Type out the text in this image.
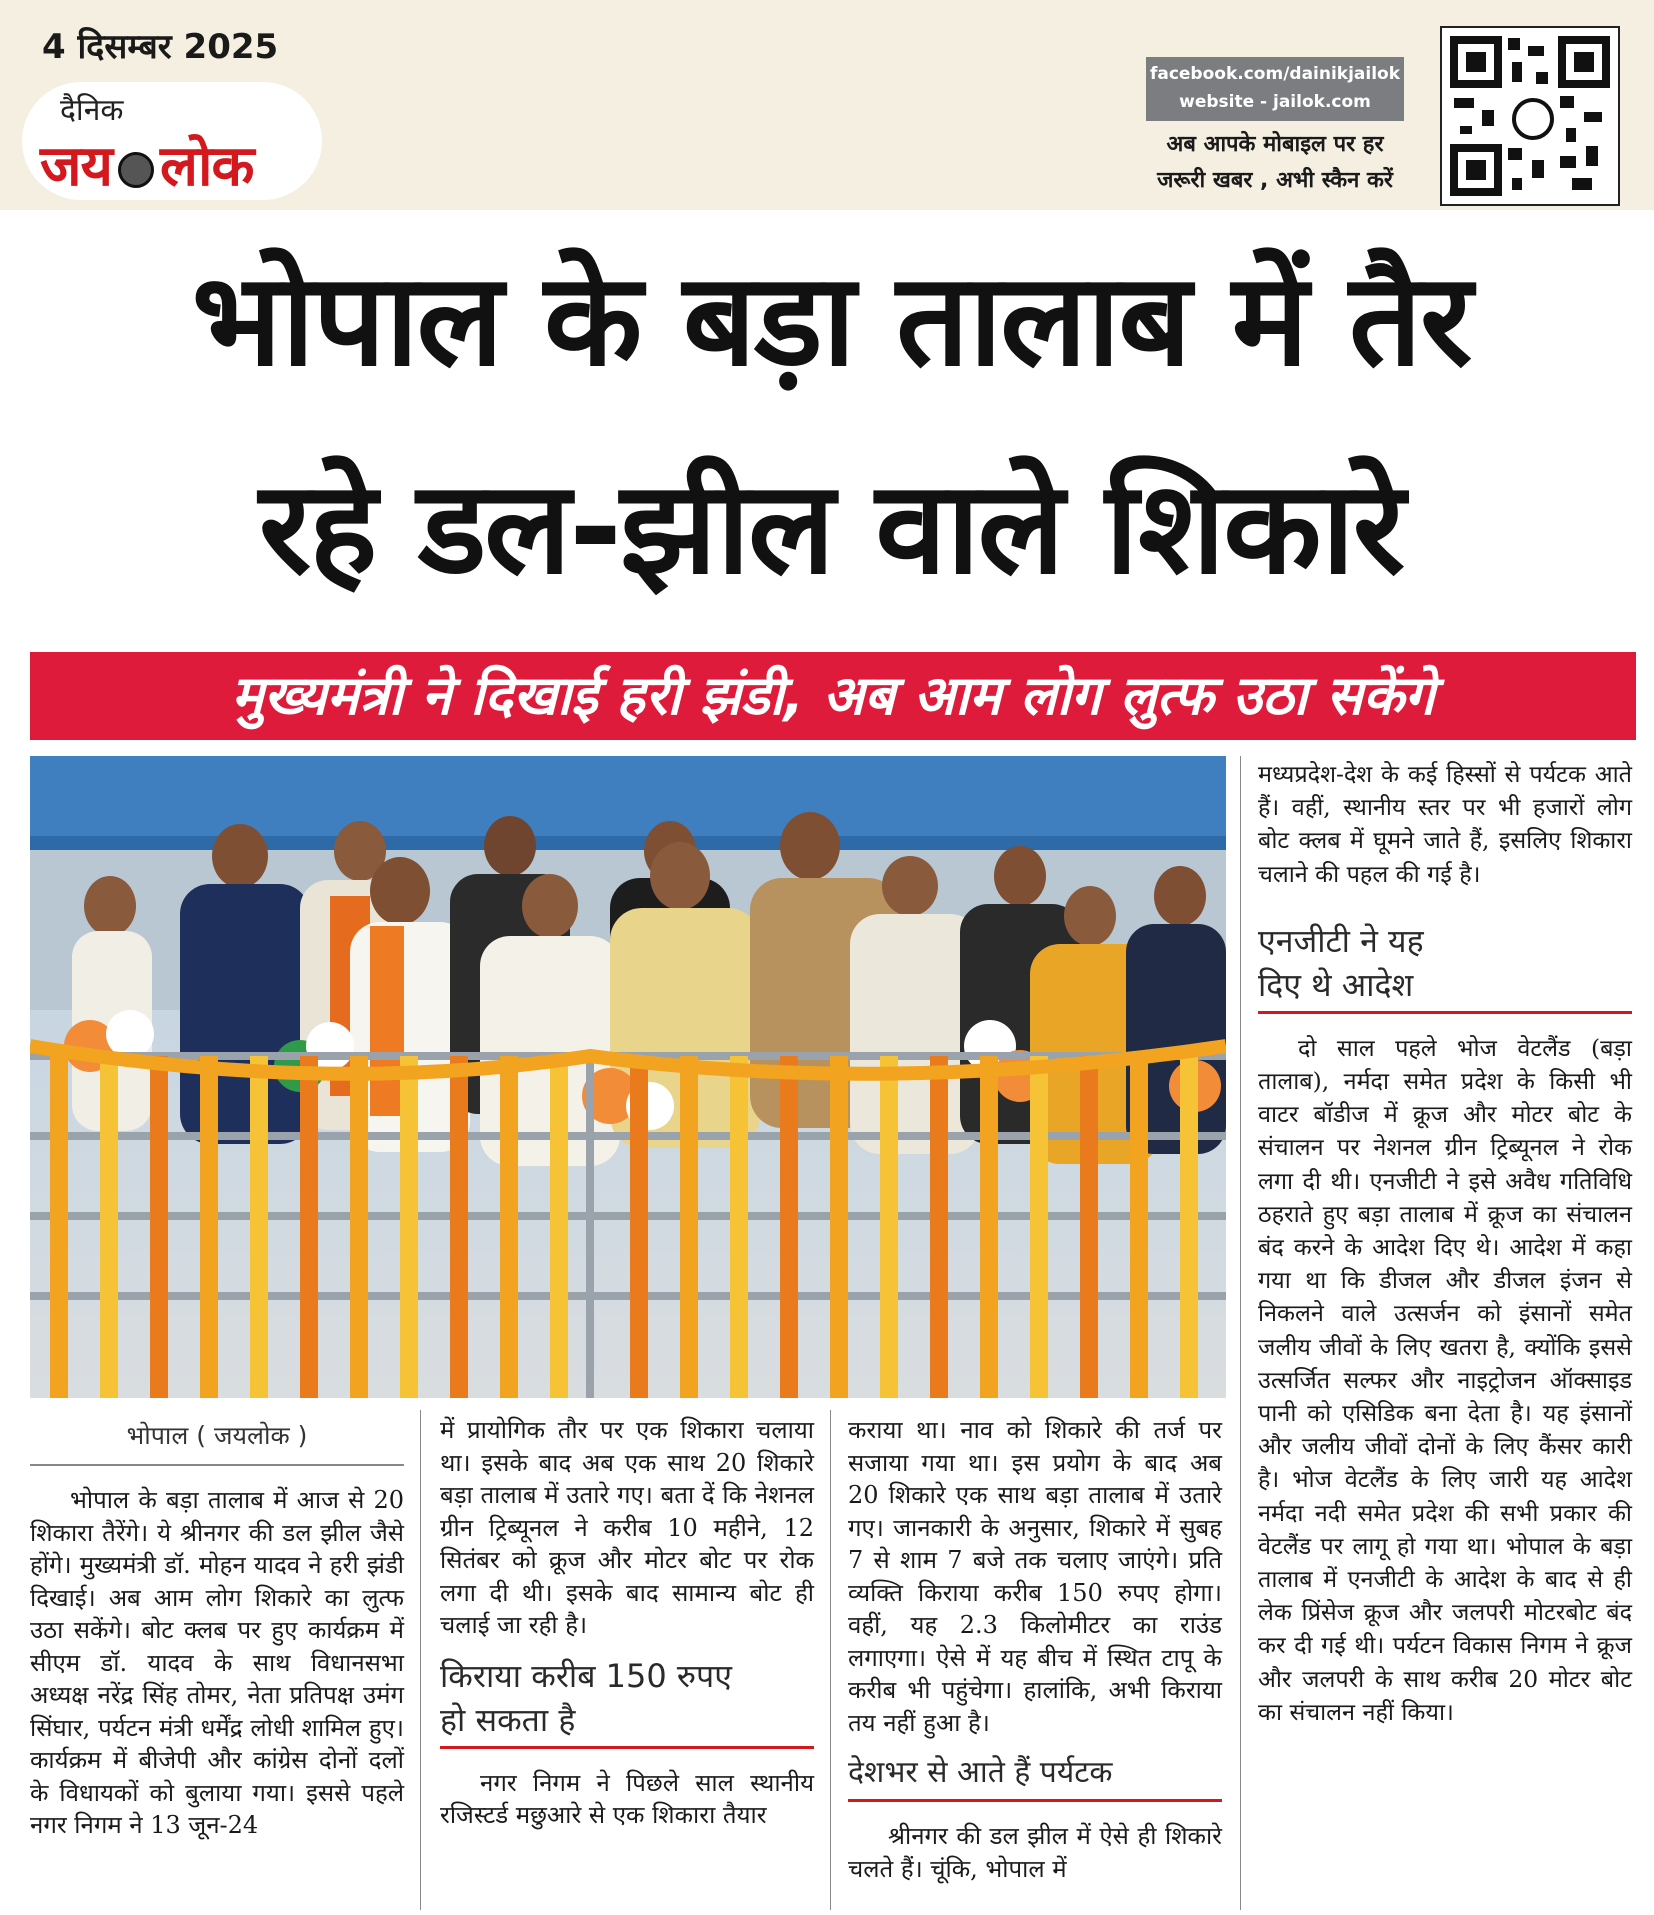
4 दिसम्बर 2025
दैनिक
जय लोक
facebook.com/dainikjailok
website - jailok.com
अब आपके मोबाइल पर हर
जरूरी खबर , अभी स्कैन करें
भोपाल के बड़ा तालाब में तैर
रहे डल-झील वाले शिकारे
मुख्यमंत्री ने दिखाई हरी झंडी, अब आम लोग लुत्फ उठा सकेंगे
भोपाल ( जयलोक )

भोपाल के बड़ा तालाब में आज से 20 शिकारा तैरेंगे। ये श्रीनगर की डल झील जैसे होंगे। मुख्यमंत्री डॉ. मोहन यादव ने हरी झंडी दिखाई। अब आम लोग शिकारे का लुत्फ उठा सकेंगे। बोट क्लब पर हुए कार्यक्रम में सीएम डॉ. यादव के साथ विधानसभा अध्यक्ष नरेंद्र सिंह तोमर, नेता प्रतिपक्ष उमंग सिंघार, पर्यटन मंत्री धर्मेंद्र लोधी शामिल हुए। कार्यक्रम में बीजेपी और कांग्रेस दोनों दलों के विधायकों को बुलाया गया। इससे पहले नगर निगम ने 13 जून-24

में प्रायोगिक तौर पर एक शिकारा चलाया था। इसके बाद अब एक साथ 20 शिकारे बड़ा तालाब में उतारे गए। बता दें कि नेशनल ग्रीन ट्रिब्यूनल ने करीब 10 महीने, 12 सितंबर को क्रूज और मोटर बोट पर रोक लगा दी थी। इसके बाद सामान्य बोट ही चलाई जा रही है।

किराया करीब 150 रुपए
हो सकता है

नगर निगम ने पिछले साल स्थानीय रजिस्टर्ड मछुआरे से एक शिकारा तैयार

कराया था। नाव को शिकारे की तर्ज पर सजाया गया था। इस प्रयोग के बाद अब 20 शिकारे एक साथ बड़ा तालाब में उतारे गए। जानकारी के अनुसार, शिकारे में सुबह 7 से शाम 7 बजे तक चलाए जाएंगे। प्रति व्यक्ति किराया करीब 150 रुपए होगा। वहीं, यह 2.3 किलोमीटर का राउंड लगाएगा। ऐसे में यह बीच में स्थित टापू के करीब भी पहुंचेगा। हालांकि, अभी किराया तय नहीं हुआ है।

देशभर से आते हैं पर्यटक

श्रीनगर की डल झील में ऐसे ही शिकारे चलते हैं। चूंकि, भोपाल में

मध्यप्रदेश-देश के कई हिस्सों से पर्यटक आते हैं। वहीं, स्थानीय स्तर पर भी हजारों लोग बोट क्लब में घूमने जाते हैं, इसलिए शिकारा चलाने की पहल की गई है।

एनजीटी ने यह
दिए थे आदेश

दो साल पहले भोज वेटलैंड (बड़ा तालाब), नर्मदा समेत प्रदेश के किसी भी वाटर बॉडीज में क्रूज और मोटर बोट के संचालन पर नेशनल ग्रीन ट्रिब्यूनल ने रोक लगा दी थी। एनजीटी ने इसे अवैध गतिविधि ठहराते हुए बड़ा तालाब में क्रूज का संचालन बंद करने के आदेश दिए थे। आदेश में कहा गया था कि डीजल और डीजल इंजन से निकलने वाले उत्सर्जन को इंसानों समेत जलीय जीवों के लिए खतरा है, क्योंकि इससे उत्सर्जित सल्फर और नाइट्रोजन ऑक्साइड पानी को एसिडिक बना देता है। यह इंसानों और जलीय जीवों दोनों के लिए कैंसर कारी है। भोज वेटलैंड के लिए जारी यह आदेश नर्मदा नदी समेत प्रदेश की सभी प्रकार की वेटलैंड पर लागू हो गया था। भोपाल के बड़ा तालाब में एनजीटी के आदेश के बाद से ही लेक प्रिंसेज क्रूज और जलपरी मोटरबोट बंद कर दी गई थी। पर्यटन विकास निगम ने क्रूज और जलपरी के साथ करीब 20 मोटर बोट का संचालन नहीं किया।
